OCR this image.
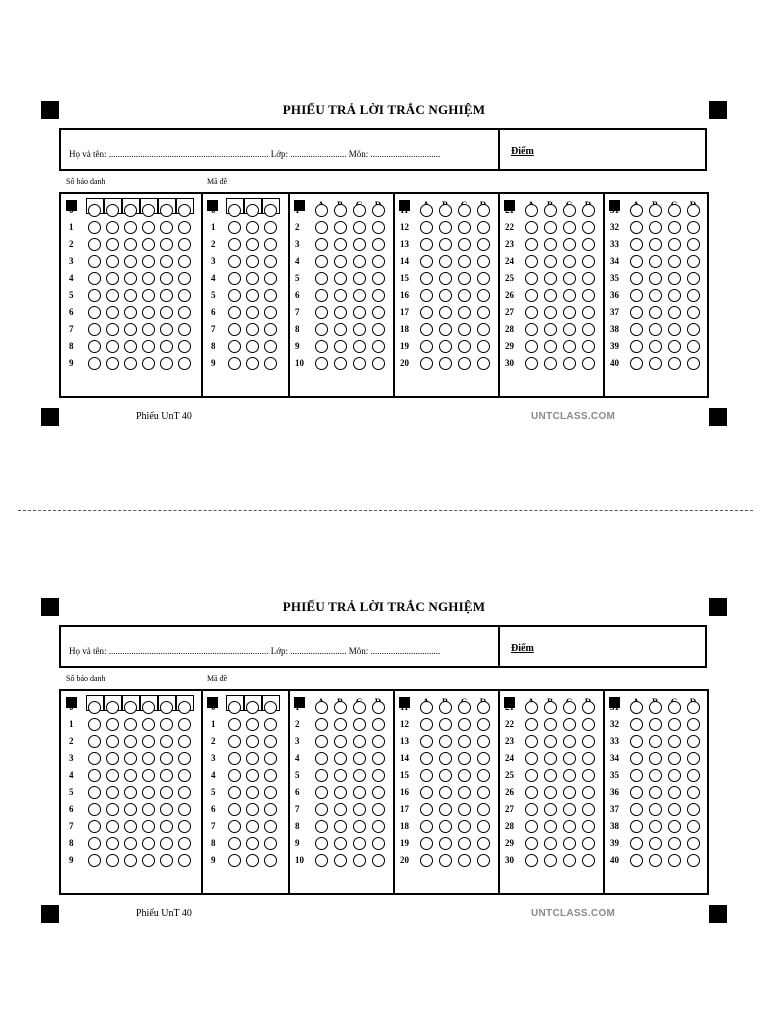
PHIẾU TRẢ LỜI TRẮC NGHIỆM
Họ và tên: ....................................................................... Lớp: ......................... Môn: ...............................	Điểm
Số báo danh	Mã đề
0
1
2
3
4
5
6
7
8
9
0
1
2
3
4
5
6
7
8
9
1
2
3
4
5
6
7
8
9
10
11
12
13
14
15
16
17
18
19
20
21
22
23
24
25
26
27
28
29
30
31
32
33
34
35
36
37
38
39
40
Phiếu UnT 40	UNTCLASS.COM
PHIẾU TRẢ LỜI TRẮC NGHIỆM
Họ và tên: ....................................................................... Lớp: ......................... Môn: ...............................	Điểm
Số báo danh	Mã đề
0
1
2
3
4
5
6
7
8
9
0
1
2
3
4
5
6
7
8
9
1
2
3
4
5
6
7
8
9
10
11
12
13
14
15
16
17
18
19
20
21
22
23
24
25
26
27
28
29
30
31
32
33
34
35
36
37
38
39
40
Phiếu UnT 40	UNTCLASS.COM
